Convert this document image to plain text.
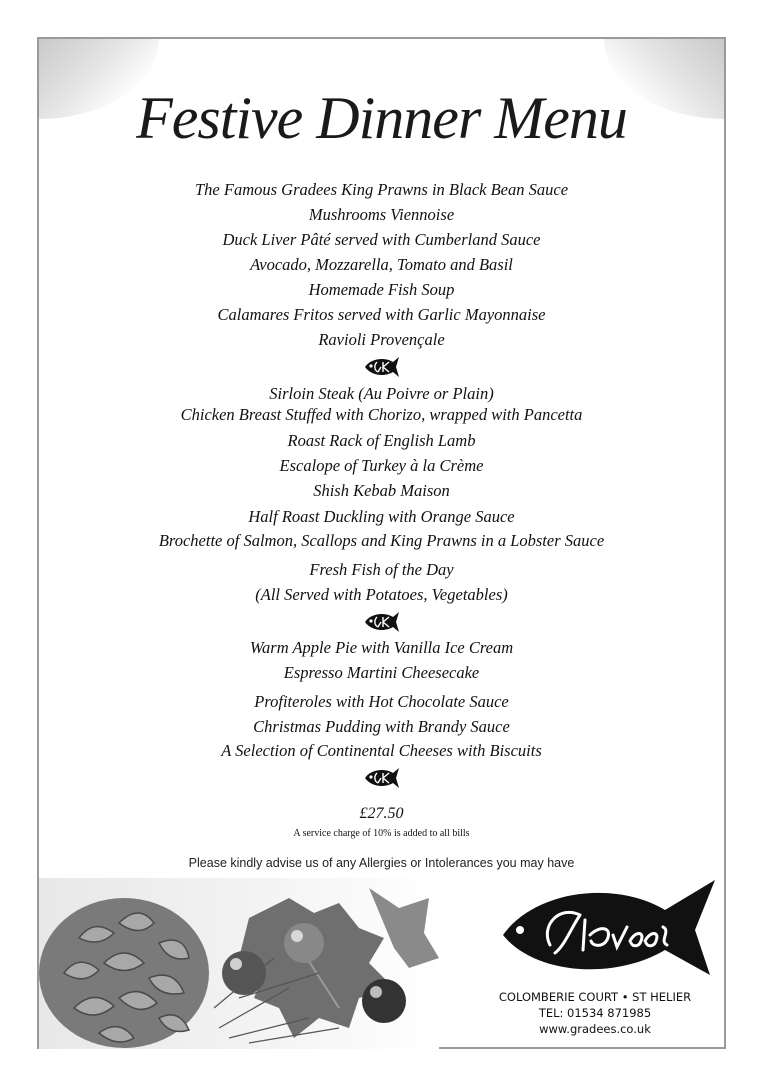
Festive Dinner Menu
The Famous Gradees King Prawns in Black Bean Sauce
Mushrooms Viennoise
Duck Liver Pâté served with Cumberland Sauce
Avocado, Mozzarella, Tomato and Basil
Homemade Fish Soup
Calamares Fritos served with Garlic Mayonnaise
Ravioli Provençale
Sirloin Steak (Au Poivre or Plain)
Chicken Breast Stuffed with Chorizo, wrapped with Pancetta
Roast Rack of English Lamb
Escalope of Turkey à la Crème
Shish Kebab Maison
Half Roast Duckling with Orange Sauce
Brochette of Salmon, Scallops and King Prawns in a Lobster Sauce
Fresh Fish of the Day
(All Served with Potatoes, Vegetables)
Warm Apple Pie with Vanilla Ice Cream
Espresso Martini Cheesecake
Profiteroles with Hot Chocolate Sauce
Christmas Pudding with Brandy Sauce
A Selection of Continental Cheeses with Biscuits
£27.50
A service charge of 10% is added to all bills
Please kindly advise us of any Allergies or Intolerances you may have
COLOMBERIE COURT • ST HELIER
TEL: 01534 871985
www.gradees.co.uk
